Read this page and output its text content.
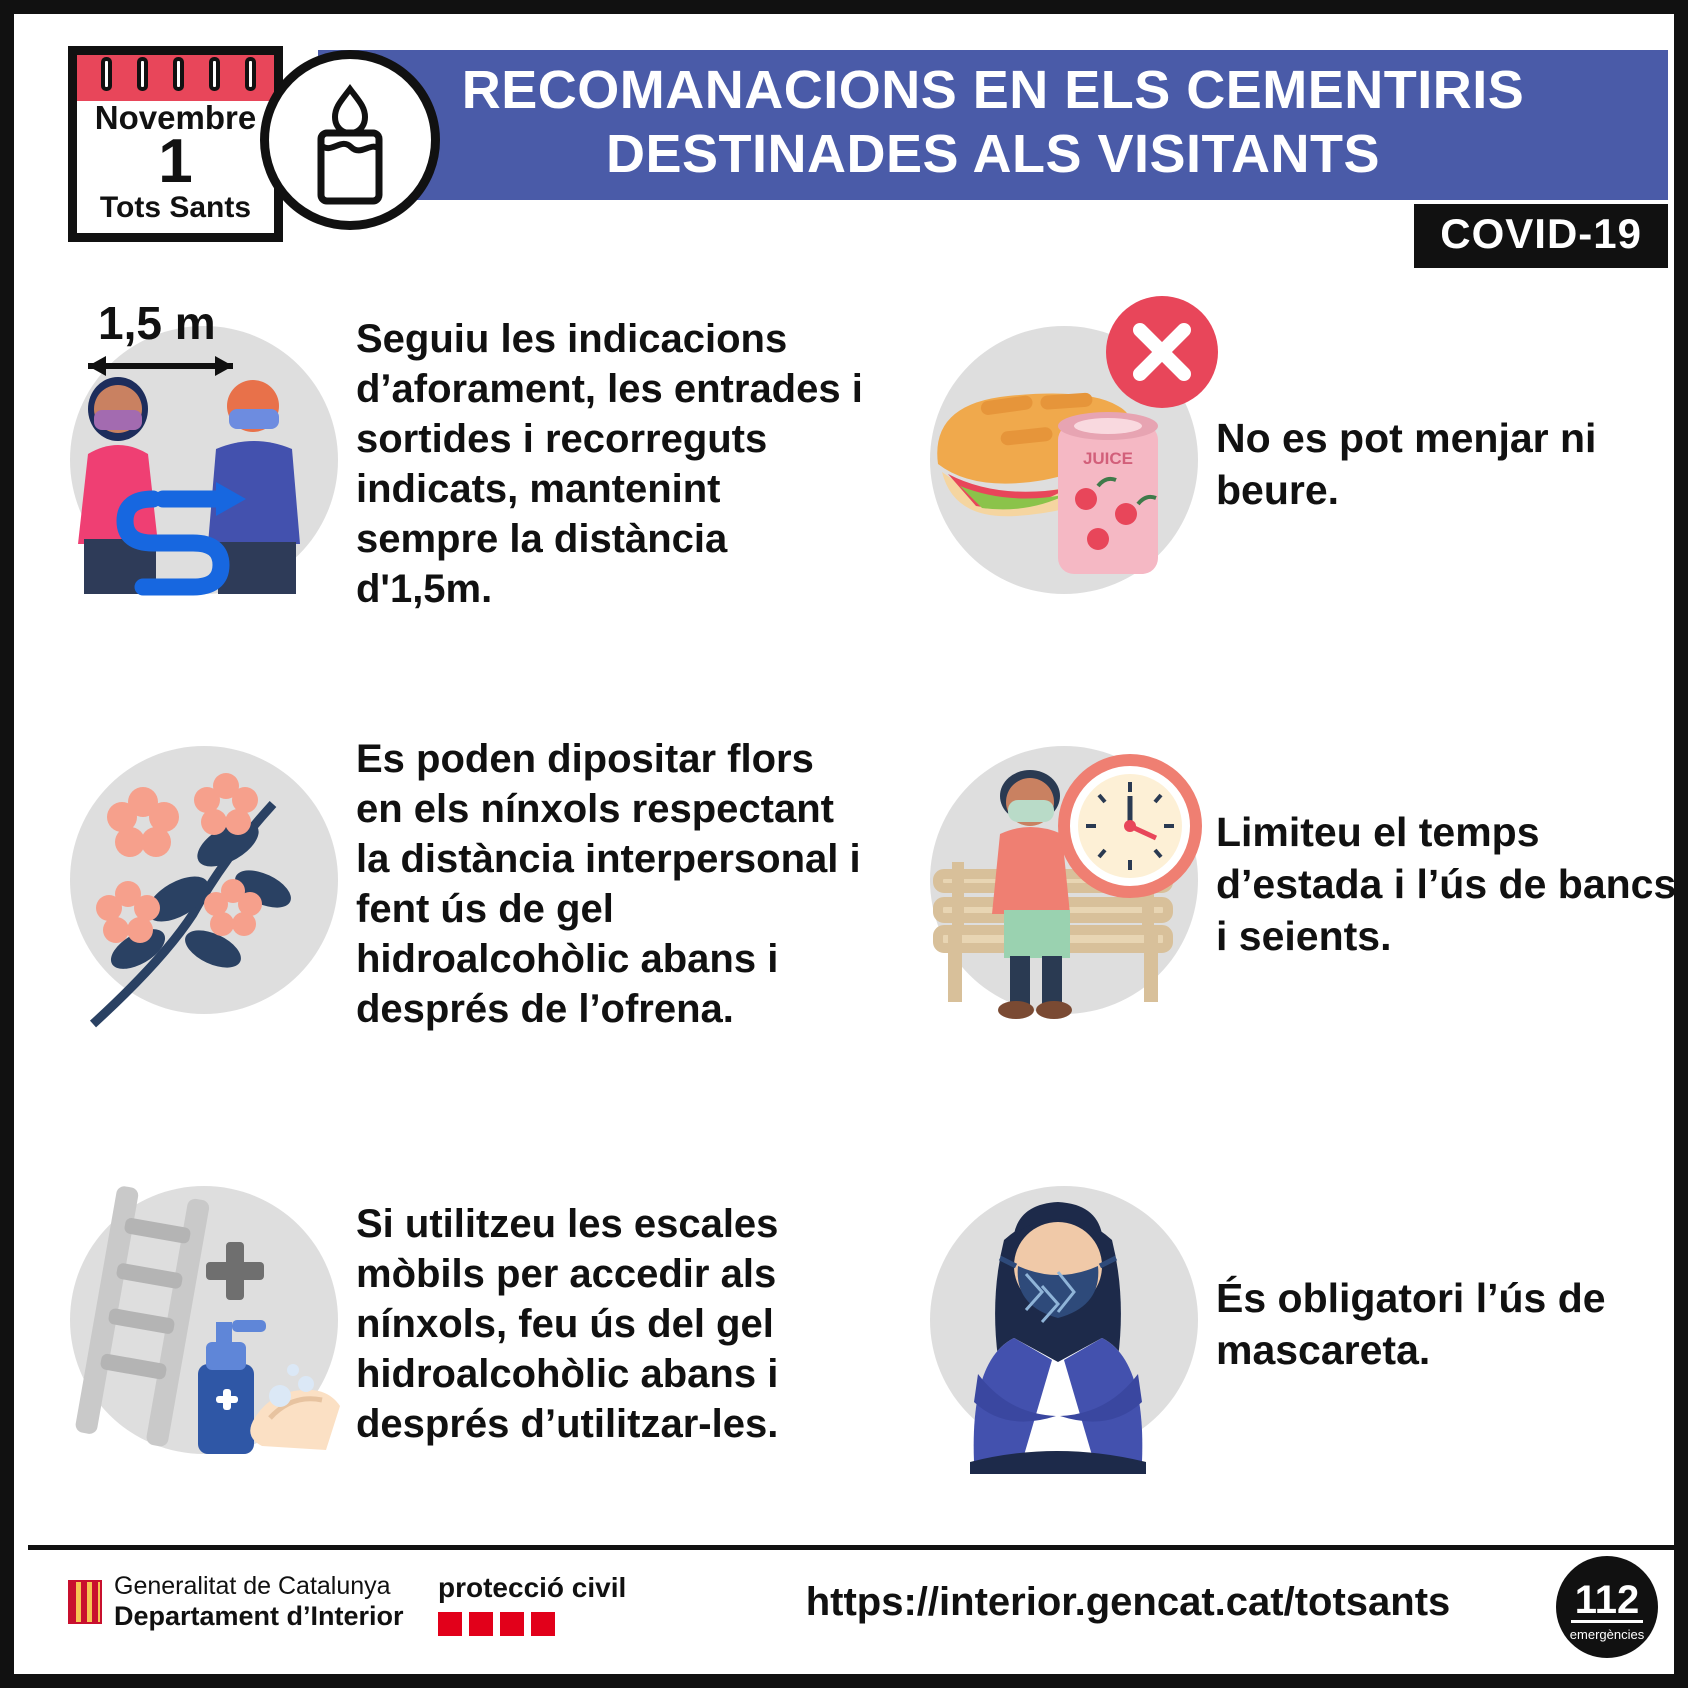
Novembre
1
Tots Sants
RECOMANACIONS EN ELS CEMENTIRIS DESTINADES ALS VISITANTS
COVID-19
1,5 m	Seguiu les indicacions d’aforament, les entrades i sortides i recorreguts indicats, mantenint sempre la distància d'1,5m.
JUICE No es pot menjar ni beure.
Es poden dipositar flors en els nínxols respectant la distància interpersonal i fent ús de gel hidroalcohòlic abans i després de l’ofrena.
Limiteu el temps d’estada i l’ús de bancs i seients.
Si utilitzeu les escales mòbils per accedir als nínxols, feu ús del gel hidroalcohòlic abans i després d’utilitzar-les.
És obligatori l’ús de mascareta.
Generalitat de Catalunya
Departament d’Interior
protecció civil	https://interior.gencat.cat/totsants	112
emergències
